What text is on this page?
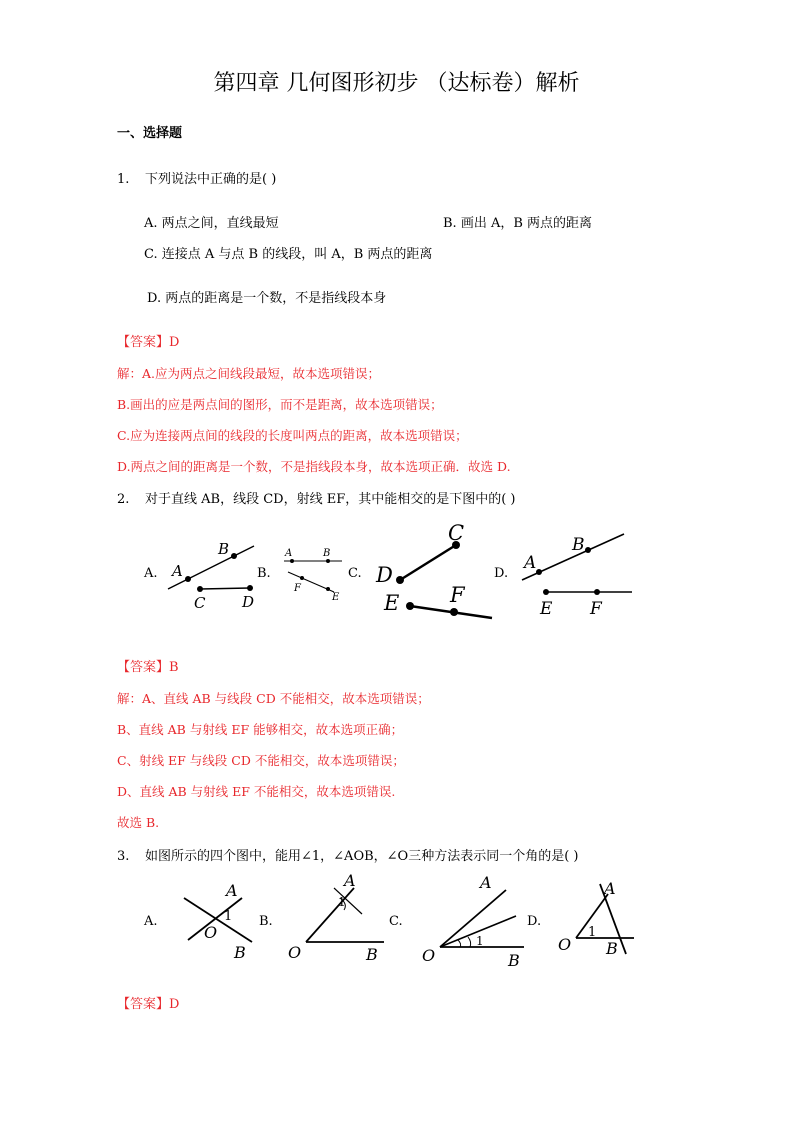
第四章 几何图形初步 （达标卷）解析
一、选择题
1. 下列说法中正确的是( )
A. 两点之间，直线最短	B. 画出 A，B 两点的距离
C. 连接点 A 与点 B 的线段，叫 A，B 两点的距离
D. 两点的距离是一个数，不是指线段本身
【答案】D
解：A.应为两点之间线段最短，故本选项错误；
B.画出的应是两点间的图形，而不是距离，故本选项错误；
C.应为连接两点间的线段的长度叫两点的距离，故本选项错误；
D.两点之间的距离是一个数，不是指线段本身，故本选项正确．故选 D.
2. 对于直线 AB，线段 CD，射线 EF，其中能相交的是下图中的( )
A. A
B
C D
B.
A	B
F
E
C. D
C
E F
D.
A
B
E F
【答案】B
解：A、直线 AB 与线段 CD 不能相交，故本选项错误；
B、直线 AB 与射线 EF 能够相交，故本选项正确；
C、射线 EF 与线段 CD 不能相交，故本选项错误；
D、直线 AB 与射线 EF 不能相交，故本选项错误.
故选 B.
3. 如图所示的四个图中，能用∠1，∠AOB，∠O三种方法表示同一个角的是( )
A.
A
O
B
1 B.
A
O	B
1
C.
A
O	B
1
D.
A
O B
1
【答案】D
